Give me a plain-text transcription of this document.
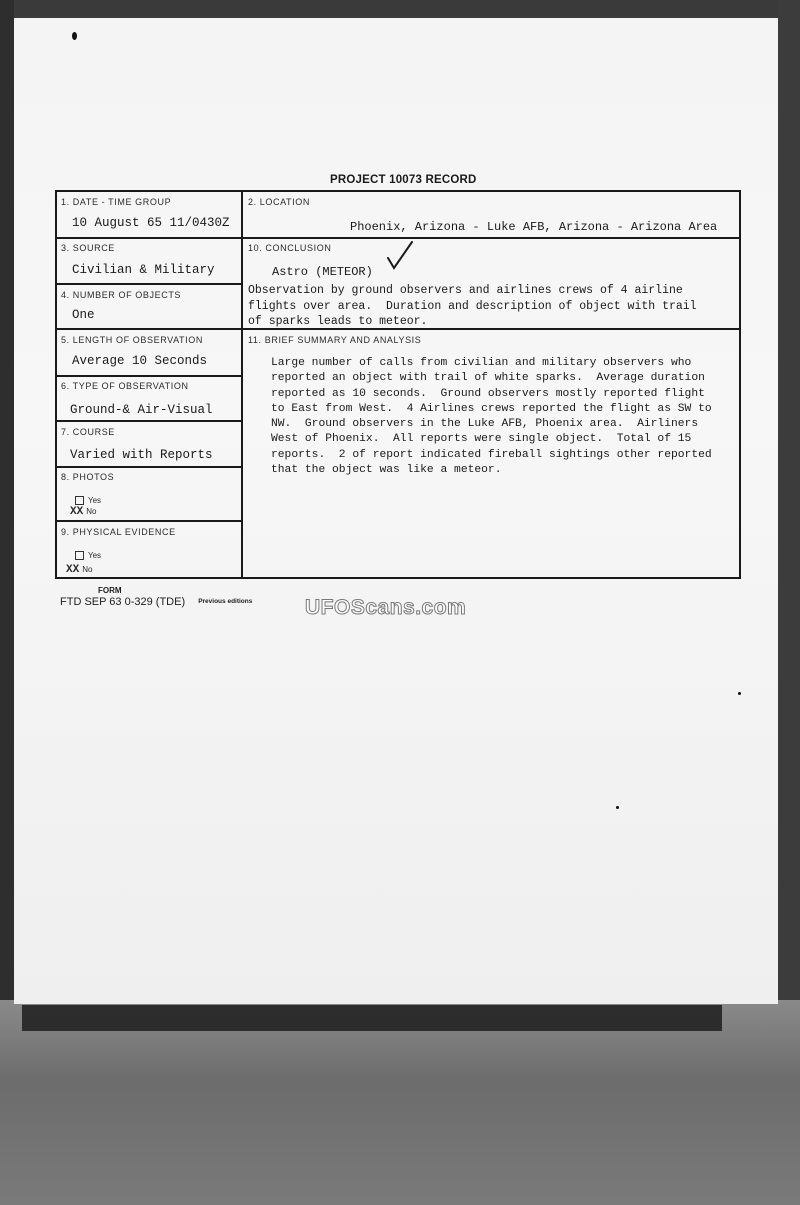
PROJECT 10073 RECORD
1. DATE - TIME GROUP
10 August 65 11/0430Z
2. LOCATION
Phoenix, Arizona - Luke AFB, Arizona - Arizona Area
3. SOURCE
Civilian & Military
4. NUMBER OF OBJECTS
One
5. LENGTH OF OBSERVATION
Average 10 Seconds
6. TYPE OF OBSERVATION
Ground-& Air-Visual
7. COURSE
Varied with Reports
8. PHOTOS
Yes
XX No
9. PHYSICAL EVIDENCE
Yes
XX No
10. CONCLUSION
Astro (METEOR)
Observation by ground observers and airlines crews of 4 airline
flights over area.  Duration and description of object with trail
of sparks leads to meteor.
11. BRIEF SUMMARY AND ANALYSIS
Large number of calls from civilian and military observers who
reported an object with trail of white sparks.  Average duration
reported as 10 seconds.  Ground observers mostly reported flight
to East from West.  4 Airlines crews reported the flight as SW to
NW.  Ground observers in the Luke AFB, Phoenix area.  Airliners
West of Phoenix.  All reports were single object.  Total of 15
reports.  2 of report indicated fireball sightings other reported
that the object was like a meteor.
FORM
FTD SEP 63 0-329 (TDE) $_{Previous editions}$	UFOScans.com
